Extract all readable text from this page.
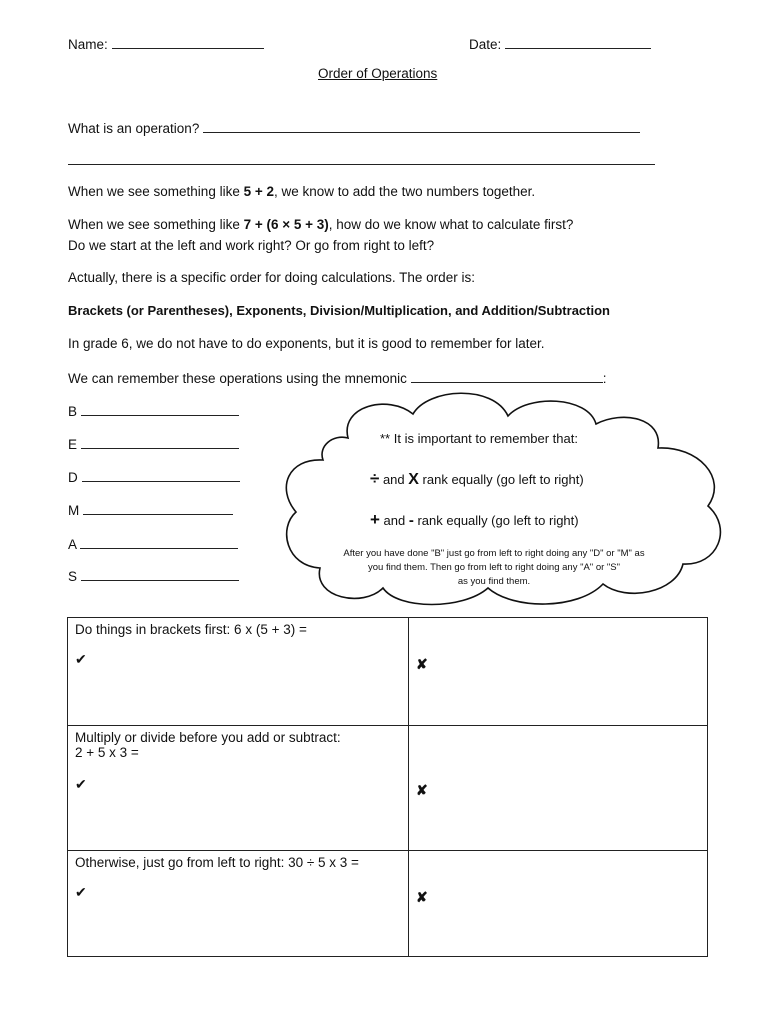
Name:	Date:
Order of Operations
What is an operation?
When we see something like 5 + 2, we know to add the two numbers together.
When we see something like 7 + (6 × 5 + 3), how do we know what to calculate first?
Do we start at the left and work right? Or go from right to left?
Actually, there is a specific order for doing calculations. The order is:
Brackets (or Parentheses), Exponents, Division/Multiplication, and Addition/Subtraction
In grade 6, we do not have to do exponents, but it is good to remember for later.
We can remember these operations using the mnemonic	:
B
E
D
M
A
S
** It is important to remember that:
÷ and X rank equally (go left to right)
+ and - rank equally (go left to right)
After you have done "B" just go from left to right doing any "D" or "M" as
you find them. Then go from left to right doing any "A" or "S"
as you find them.
Do things in brackets first: 6 x (5 + 3) =
✔	✘

Multiply or divide before you add or subtract:
2 + 5 x 3 =
✔	✘

Otherwise, just go from left to right: 30 ÷ 5 x 3 =
✔	✘
